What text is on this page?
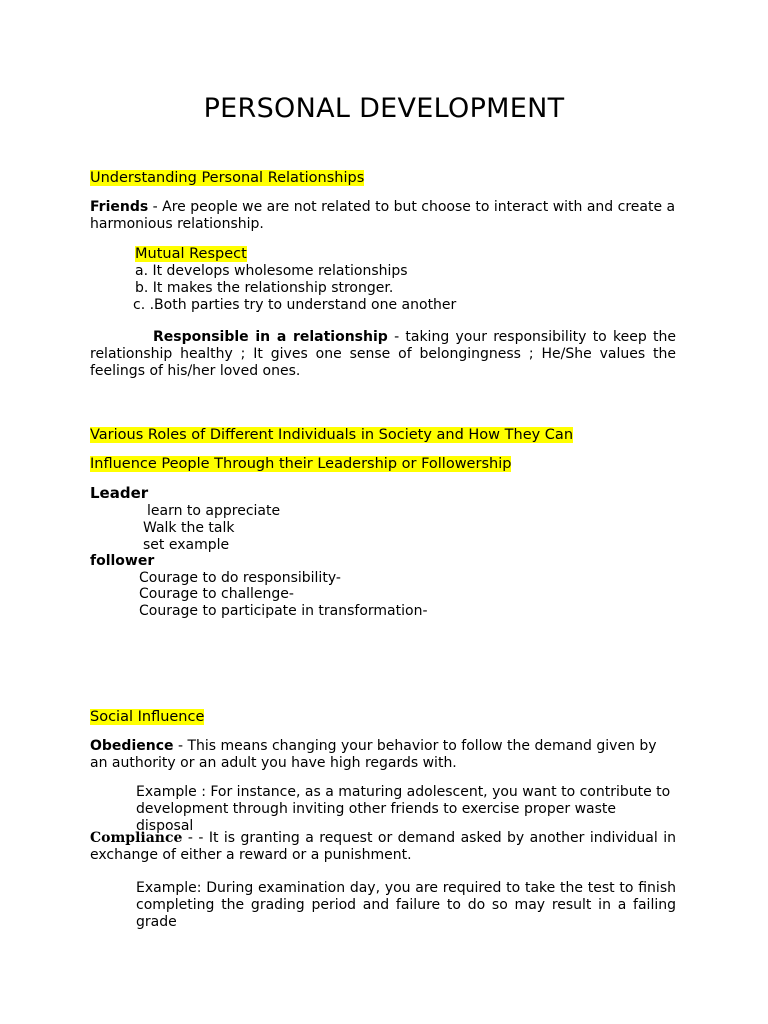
PERSONAL DEVELOPMENT
Understanding Personal Relationships
Friends - Are people we are not related to but choose to interact with and create a harmonious relationship.
Mutual Respect
a. It develops wholesome relationships
b. It makes the relationship stronger.
c. .Both parties try to understand one another
Responsible in a relationship - taking your responsibility to keep the relationship healthy ; It gives one sense of belongingness ; He/She values the feelings of his/her loved ones.
Various Roles of Different Individuals in Society and How They Can
Influence People Through their Leadership or Followership
Leader
learn to appreciate
Walk the talk
set example
follower
Courage to do responsibility-
Courage to challenge-
Courage to participate in transformation-
Social Influence
Obedience - This means changing your behavior to follow the demand given by an authority or an adult you have high regards with.
Example : For instance, as a maturing adolescent, you want to contribute to development through inviting other friends to exercise proper waste disposal
Compliance - - It is granting a request or demand asked by another individual in exchange of either a reward or a punishment.
Example: During examination day, you are required to take the test to finish completing the grading period and failure to do so may result in a failing grade
